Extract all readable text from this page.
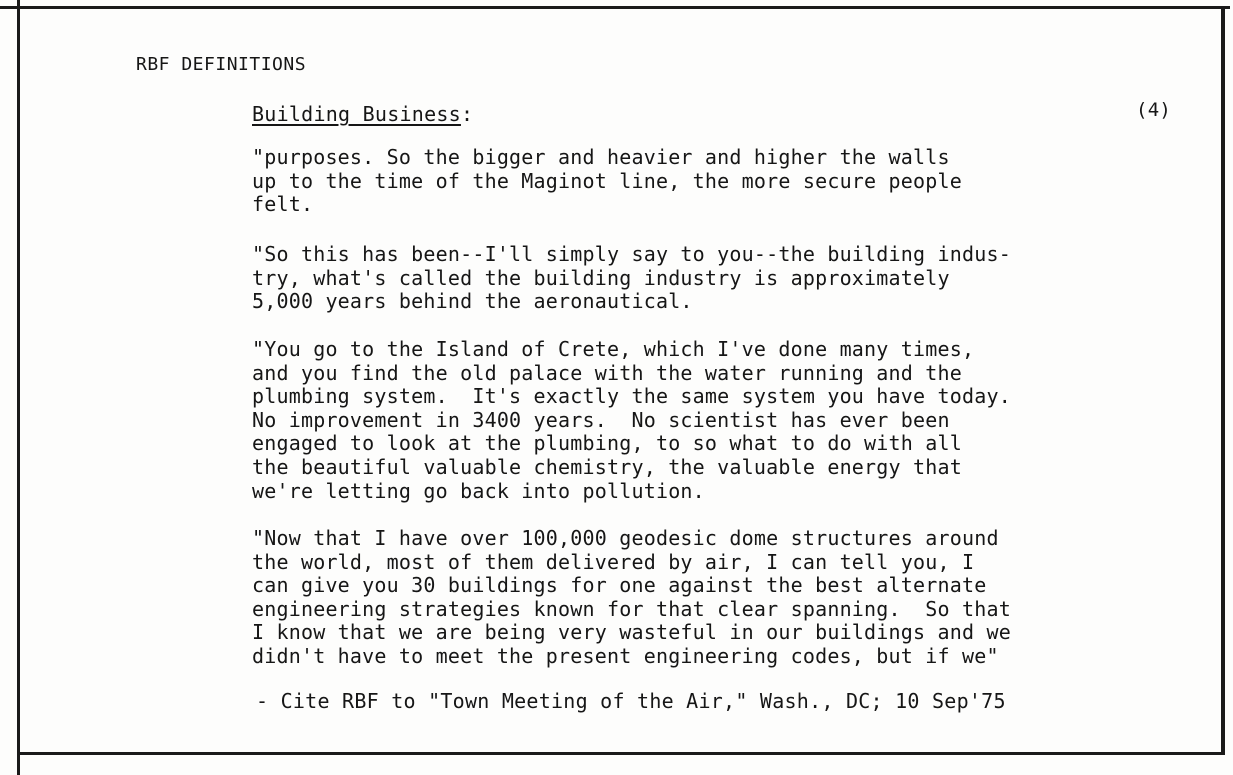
RBF DEFINITIONS
Building Business:	(4)
"purposes. So the bigger and heavier and higher the walls
up to the time of the Maginot line, the more secure people
felt.
"So this has been--I'll simply say to you--the building indus-
try, what's called the building industry is approximately
5,000 years behind the aeronautical.
"You go to the Island of Crete, which I've done many times,
and you find the old palace with the water running and the
plumbing system.  It's exactly the same system you have today.
No improvement in 3400 years.  No scientist has ever been
engaged to look at the plumbing, to so what to do with all
the beautiful valuable chemistry, the valuable energy that
we're letting go back into pollution.
"Now that I have over 100,000 geodesic dome structures around
the world, most of them delivered by air, I can tell you, I
can give you 30 buildings for one against the best alternate
engineering strategies known for that clear spanning.  So that
I know that we are being very wasteful in our buildings and we
didn't have to meet the present engineering codes, but if we"
- Cite RBF to "Town Meeting of the Air," Wash., DC; 10 Sep'75
